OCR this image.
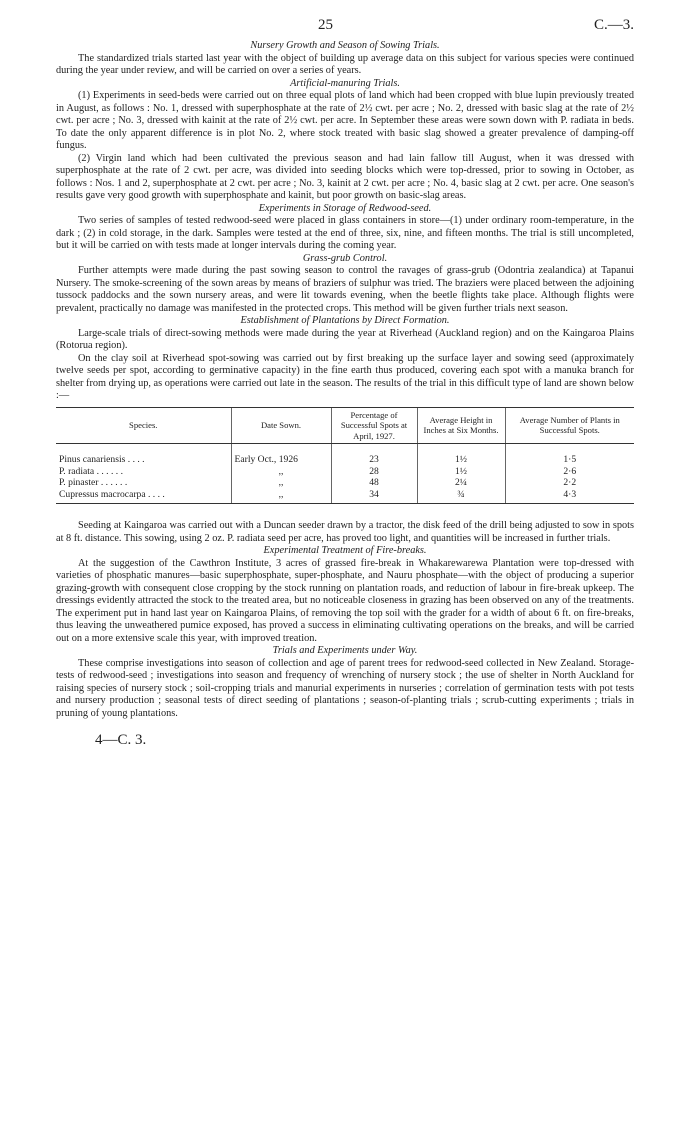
25	C.—3.
Nursery Growth and Season of Sowing Trials.

The standardized trials started last year with the object of building up average data on this subject for various species were continued during the year under review, and will be carried on over a series of years.

Artificial-manuring Trials.

(1) Experiments in seed-beds were carried out on three equal plots of land which had been cropped with blue lupin previously treated in August, as follows : No. 1, dressed with superphosphate at the rate of 2½ cwt. per acre ; No. 2, dressed with basic slag at the rate of 2½ cwt. per acre ; No. 3, dressed with kainit at the rate of 2½ cwt. per acre. In September these areas were sown down with P. radiata in beds. To date the only apparent difference is in plot No. 2, where stock treated with basic slag showed a greater prevalence of damping-off fungus.

(2) Virgin land which had been cultivated the previous season and had lain fallow till August, when it was dressed with superphosphate at the rate of 2 cwt. per acre, was divided into seeding blocks which were top-dressed, prior to sowing in October, as follows : Nos. 1 and 2, superphosphate at 2 cwt. per acre ; No. 3, kainit at 2 cwt. per acre ; No. 4, basic slag at 2 cwt. per acre. One season's results gave very good growth with superphosphate and kainit, but poor growth on basic-slag areas.

Experiments in Storage of Redwood-seed.

Two series of samples of tested redwood-seed were placed in glass containers in store—(1) under ordinary room-temperature, in the dark ; (2) in cold storage, in the dark. Samples were tested at the end of three, six, nine, and fifteen months. The trial is still uncompleted, but it will be carried on with tests made at longer intervals during the coming year.

Grass-grub Control.

Further attempts were made during the past sowing season to control the ravages of grass-grub (Odontria zealandica) at Tapanui Nursery. The smoke-screening of the sown areas by means of braziers of sulphur was tried. The braziers were placed between the adjoining tussock paddocks and the sown nursery areas, and were lit towards evening, when the beetle flights take place. Although flights were prevalent, practically no damage was manifested in the protected crops. This method will be given further trials next season.

Establishment of Plantations by Direct Formation.

Large-scale trials of direct-sowing methods were made during the year at Riverhead (Auckland region) and on the Kaingaroa Plains (Rotorua region).

On the clay soil at Riverhead spot-sowing was carried out by first breaking up the surface layer and sowing seed (approximately twelve seeds per spot, according to germinative capacity) in the fine earth thus produced, covering each spot with a manuka branch for shelter from drying up, as operations were carried out late in the season. The results of the trial in this difficult type of land are shown below :—

Species.	Date Sown.	Percentage of Successful Spots at April, 1927.	Average Height in Inches at Six Months.	Average Number of Plants in Successful Spots.

Pinus canariensis . . . .	Early Oct., 1926	23	1½	1·5
P. radiata . . . . . .	,,	28	1½	2·6
P. pinaster . . . . . .	,,	48	2¼	2·2
Cupressus macrocarpa . . . .	,,	34	¾	4·3

Seeding at Kaingaroa was carried out with a Duncan seeder drawn by a tractor, the disk feed of the drill being adjusted to sow in spots at 8 ft. distance. This sowing, using 2 oz. P. radiata seed per acre, has proved too light, and quantities will be increased in further trials.

Experimental Treatment of Fire-breaks.

At the suggestion of the Cawthron Institute, 3 acres of grassed fire-break in Whakarewarewa Plantation were top-dressed with varieties of phosphatic manures—basic superphosphate, super-phosphate, and Nauru phosphate—with the object of producing a superior grazing-growth with consequent close cropping by the stock running on plantation roads, and reduction of labour in fire-break upkeep. The dressings evidently attracted the stock to the treated area, but no noticeable closeness in grazing has been observed on any of the treatments. The experiment put in hand last year on Kaingaroa Plains, of removing the top soil with the grader for a width of about 6 ft. on fire-breaks, thus leaving the unweathered pumice exposed, has proved a success in eliminating cultivating operations on the breaks, and will be carried out on a more extensive scale this year, with improved treation.

Trials and Experiments under Way.

These comprise investigations into season of collection and age of parent trees for redwood-seed collected in New Zealand. Storage-tests of redwood-seed ; investigations into season and frequency of wrenching of nursery stock ; the use of shelter in North Auckland for raising species of nursery stock ; soil-cropping trials and manurial experiments in nurseries ; correlation of germination tests with pot tests and nursery production ; seasonal tests of direct seeding of plantations ; season-of-planting trials ; scrub-cutting experiments ; trials in pruning of young plantations.

4—C. 3.
